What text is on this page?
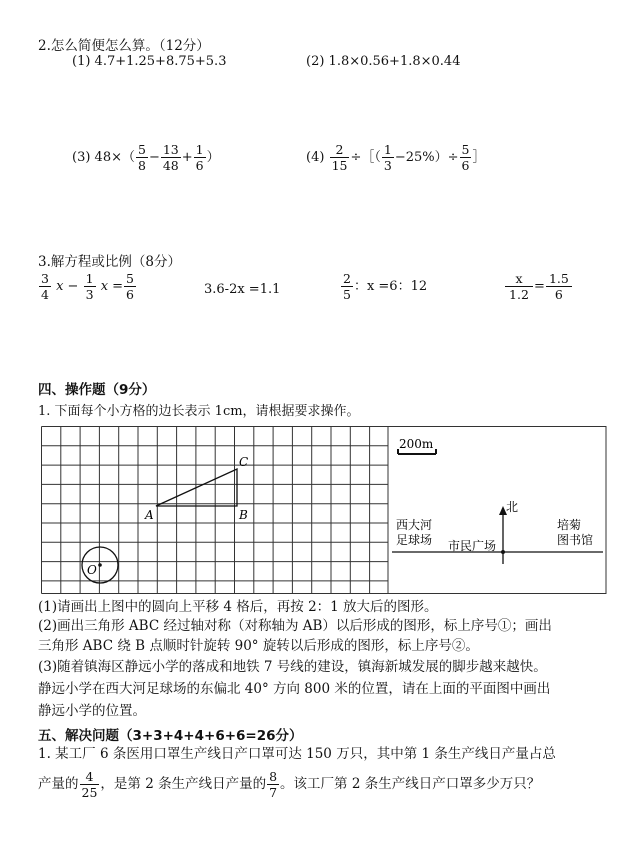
2.怎么简便怎么算。（12分）
(1) 4.7+1.25+8.75+5.3	(2) 1.8×0.56+1.8×0.44
(3) $48\times( \frac{5}{8} - \frac{13}{48} + \frac{1}{6}$ ）	$(4) \frac{2}{15}$ ÷［（ $\frac{1}{3} -25\%)\div \frac{5}{6}$ ］
3.解方程或比例（8分）
$\frac{3}{4}$ $x - \frac{1}{3}$ $x = \frac{5}{6}$	3.6-2x =1.1	$\frac{2}{5}$ ：x =6：12	$\frac{x}{1.2} = \frac{1.5}{6}$
四、操作题（9分）
1. 下面每个小方格的边长表示 1cm，请根据要求操作。
C
A	B
O
200m
北
西大河
足球场 市民广场
培菊
图书馆
(1)请画出上图中的圆向上平移 4 格后，再按 2：1 放大后的图形。
(2)画出三角形 ABC 经过轴对称（对称轴为 AB）以后形成的图形，标上序号①；画出
三角形 ABC 绕 B 点顺时针旋转 90° 旋转以后形成的图形，标上序号②。
(3)随着镇海区静远小学的落成和地铁 7 号线的建设，镇海新城发展的脚步越来越快。
静远小学在西大河足球场的东偏北 40° 方向 800 米的位置，请在上面的平面图中画出
静远小学的位置。
五、解决问题（3+3+4+4+6+6=26分）
1. 某工厂 6 条医用口罩生产线日产口罩可达 150 万只，其中第 1 条生产线日产量占总
产量的 $\frac{4}{25}$ ，是第 2 条生产线日产量的 $\frac{8}{7}$ 。该工厂第 2 条生产线日产口罩多少万只？
